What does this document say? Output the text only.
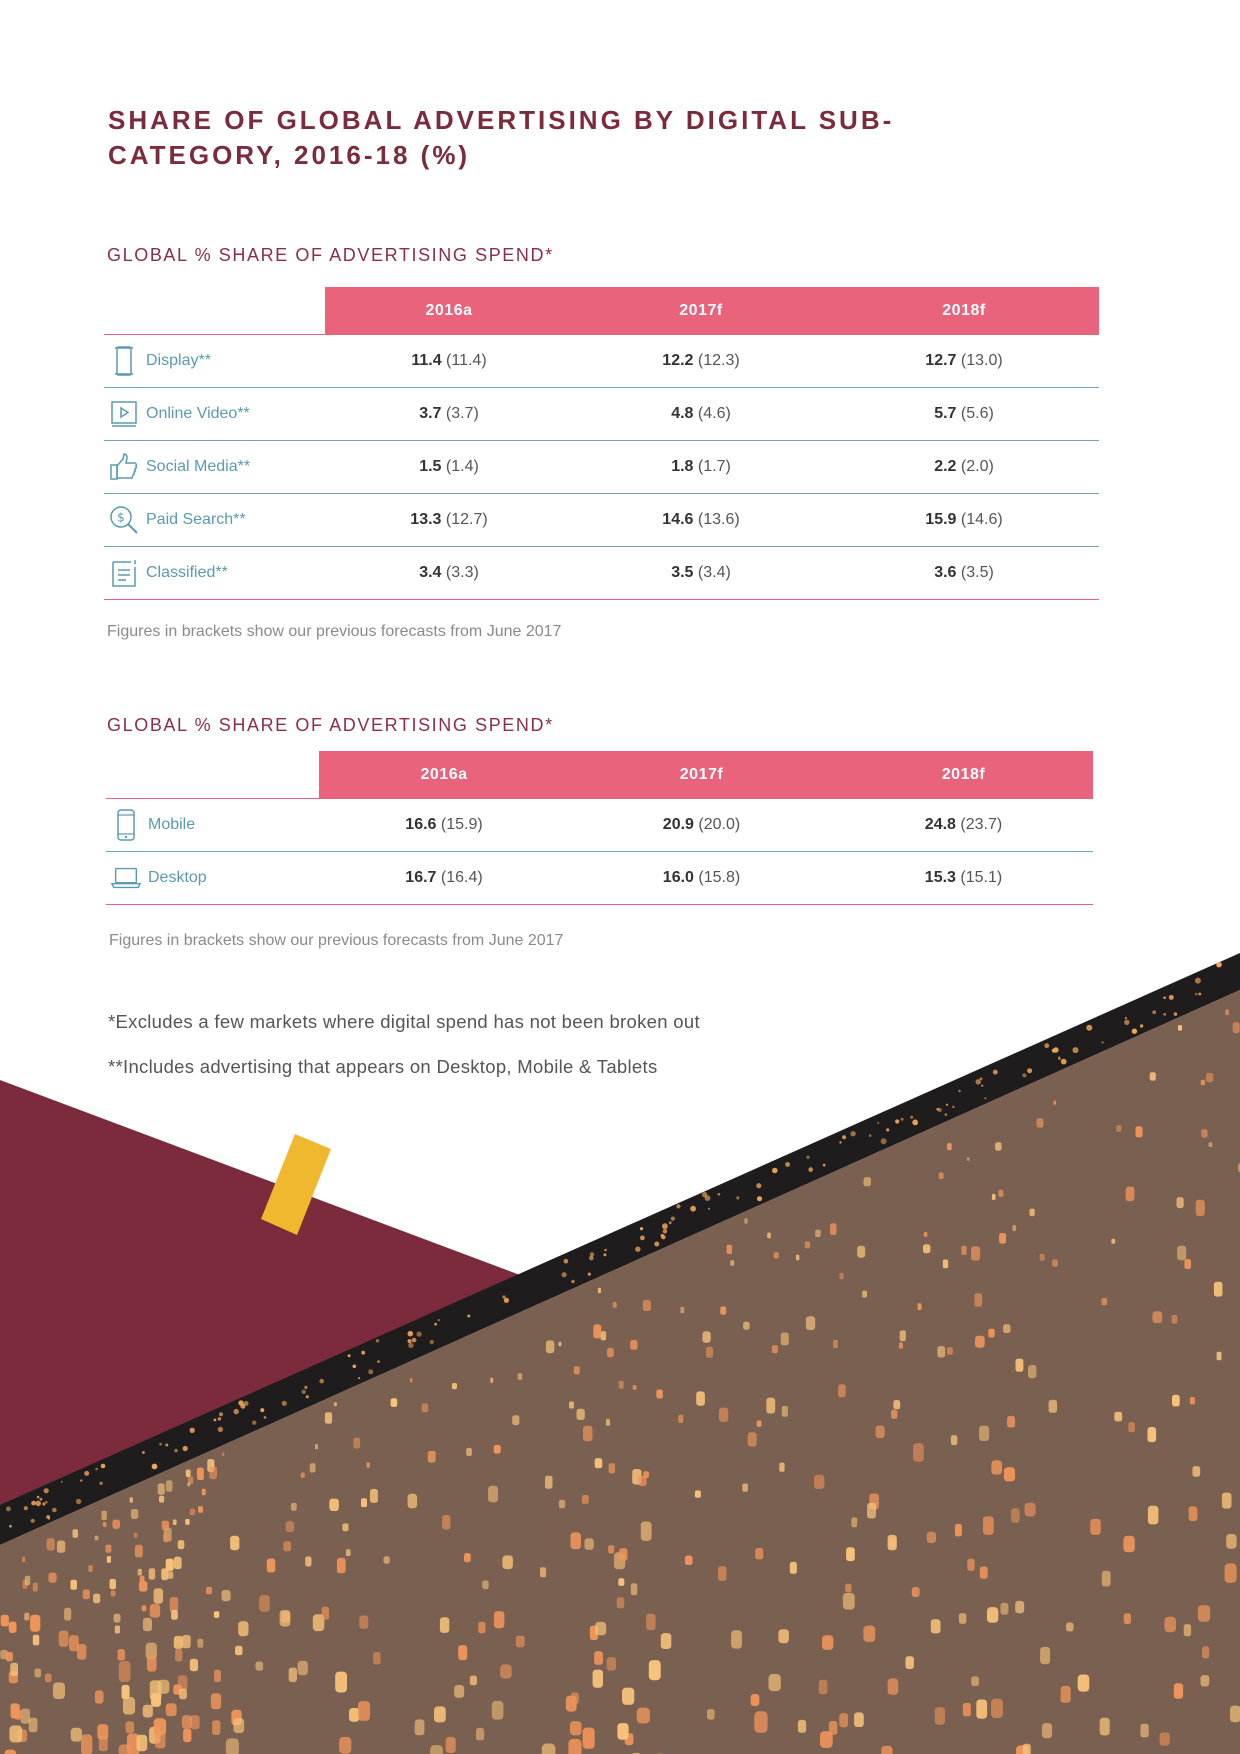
SHARE OF GLOBAL ADVERTISING BY DIGITAL SUB-CATEGORY, 2016-18 (%)
GLOBAL % SHARE OF ADVERTISING SPEND*
	2016a	2017f	2018f

Display**	11.4 (11.4)	12.2 (12.3)	12.7 (13.0)

Online Video**	3.7 (3.7)	4.8 (4.6)	5.7 (5.6)

Social Media**	1.5 (1.4)	1.8 (1.7)	2.2 (2.0)

$ Paid Search**	13.3 (12.7)	14.6 (13.6)	15.9 (14.6)

Classified**	3.4 (3.3)	3.5 (3.4)	3.6 (3.5)

Figures in brackets show our previous forecasts from June 2017

GLOBAL % SHARE OF ADVERTISING SPEND*
	2016a	2017f	2018f

Mobile	16.6 (15.9)	20.9 (20.0)	24.8 (23.7)

Desktop	16.7 (16.4)	16.0 (15.8)	15.3 (15.1)

Figures in brackets show our previous forecasts from June 2017

*Excludes a few markets where digital spend has not been broken out

**Includes advertising that appears on Desktop, Mobile & Tablets
